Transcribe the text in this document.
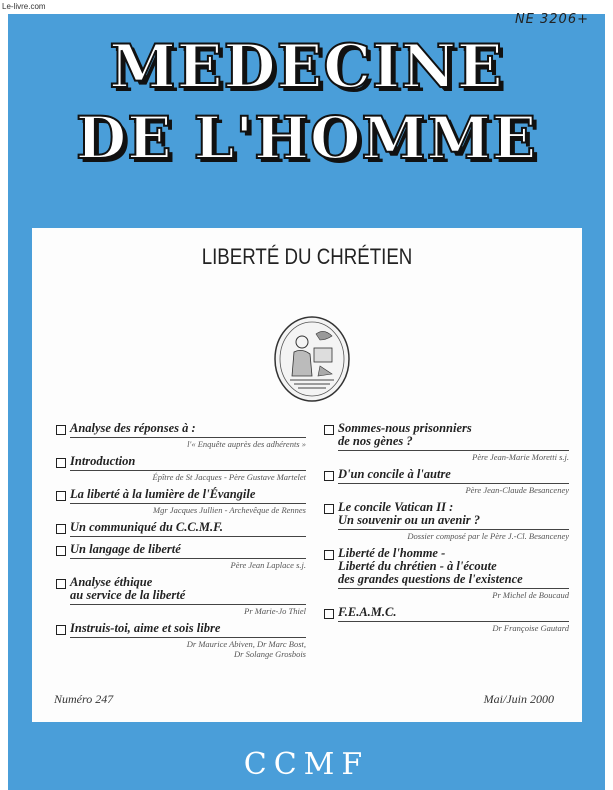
Le-livre.com
NE 3206+
MEDECINE
DE L'HOMME
LIBERTÉ DU CHRÉTIEN
Analyse des réponses à :
l'« Enquête auprès des adhérents »
Introduction
Épître de St Jacques - Père Gustave Martelet
La liberté à la lumière de l'Évangile
Mgr Jacques Jullien - Archevêque de Rennes
Un communiqué du C.C.M.F.
Un langage de liberté
Père Jean Laplace s.j.
Analyse éthique
au service de la liberté
Pr Marie-Jo Thiel
Instruis-toi, aime et sois libre
Dr Maurice Abiven, Dr Marc Bost,
Dr Solange Grosbois
Sommes-nous prisonniers
de nos gènes ?
Père Jean-Marie Moretti s.j.
D'un concile à l'autre
Père Jean-Claude Besanceney
Le concile Vatican II :
Un souvenir ou un avenir ?
Dossier composé par le Père J.-Cl. Besanceney
Liberté de l'homme -
Liberté du chrétien - à l'écoute
des grandes questions de l'existence
Pr Michel de Boucaud
F.E.A.M.C.
Dr Françoise Gautard
Numéro 247	Mai/Juin 2000
CCMF
